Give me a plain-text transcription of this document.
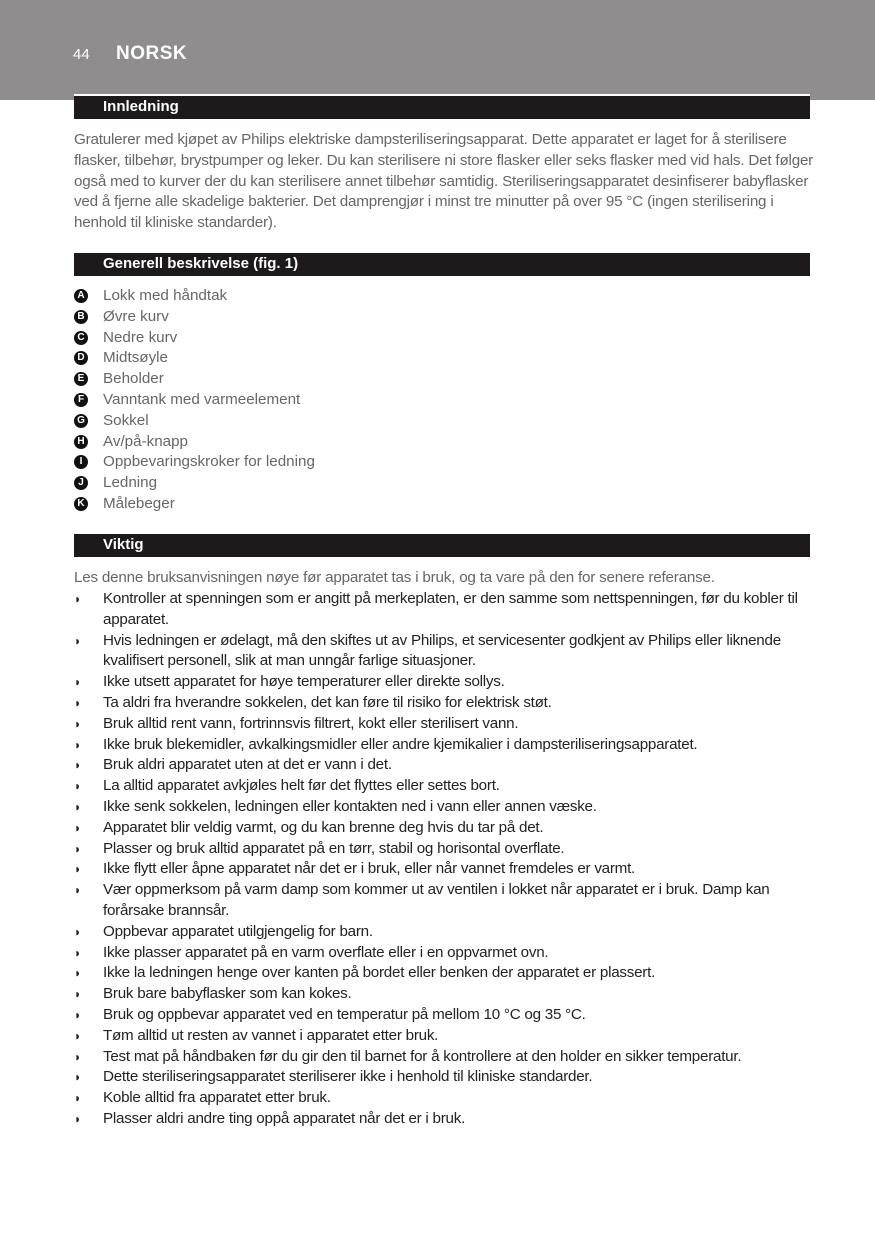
44 NORSK
Innledning
Gratulerer med kjøpet av Philips elektriske dampsteriliseringsapparat. Dette apparatet er laget for å sterilisere flasker, tilbehør, brystpumper og leker. Du kan sterilisere ni store flasker eller seks flasker med vid hals. Det følger også med to kurver der du kan sterilisere annet tilbehør samtidig. Steriliseringsapparatet desinfiserer babyflasker ved å fjerne alle skadelige bakterier. Det damprengjør i minst tre minutter på over 95 °C (ingen sterilisering i henhold til kliniske standarder).
Generell beskrivelse (fig. 1)
A Lokk med håndtak
B Øvre kurv
C Nedre kurv
D Midtsøyle
E Beholder
F Vanntank med varmeelement
G Sokkel
H Av/på-knapp
I	Oppbevaringskroker for ledning
J Ledning
K Målebeger
Viktig
Les denne bruksanvisningen nøye før apparatet tas i bruk, og ta vare på den for senere referanse.
◗	Kontroller at spenningen som er angitt på merkeplaten, er den samme som nettspenningen, før du kobler til apparatet.
◗	Hvis ledningen er ødelagt, må den skiftes ut av Philips, et servicesenter godkjent av Philips eller liknende kvalifisert personell, slik at man unngår farlige situasjoner.
◗	Ikke utsett apparatet for høye temperaturer eller direkte sollys.
◗	Ta aldri fra hverandre sokkelen, det kan føre til risiko for elektrisk støt.
◗	Bruk alltid rent vann, fortrinnsvis filtrert, kokt eller sterilisert vann.
◗	Ikke bruk blekemidler, avkalkingsmidler eller andre kjemikalier i dampsteriliseringsapparatet.
◗	Bruk aldri apparatet uten at det er vann i det.
◗	La alltid apparatet avkjøles helt før det flyttes eller settes bort.
◗	Ikke senk sokkelen, ledningen eller kontakten ned i vann eller annen væske.
◗	Apparatet blir veldig varmt, og du kan brenne deg hvis du tar på det.
◗	Plasser og bruk alltid apparatet på en tørr, stabil og horisontal overflate.
◗	Ikke flytt eller åpne apparatet når det er i bruk, eller når vannet fremdeles er varmt.
◗	Vær oppmerksom på varm damp som kommer ut av ventilen i lokket når apparatet er i bruk. Damp kan forårsake brannsår.
◗	Oppbevar apparatet utilgjengelig for barn.
◗	Ikke plasser apparatet på en varm overflate eller i en oppvarmet ovn.
◗	Ikke la ledningen henge over kanten på bordet eller benken der apparatet er plassert.
◗	Bruk bare babyflasker som kan kokes.
◗	Bruk og oppbevar apparatet ved en temperatur på mellom 10 °C og 35 °C.
◗	Tøm alltid ut resten av vannet i apparatet etter bruk.
◗	Test mat på håndbaken før du gir den til barnet for å kontrollere at den holder en sikker temperatur.
◗	Dette steriliseringsapparatet steriliserer ikke i henhold til kliniske standarder.
◗	Koble alltid fra apparatet etter bruk.
◗	Plasser aldri andre ting oppå apparatet når det er i bruk.
